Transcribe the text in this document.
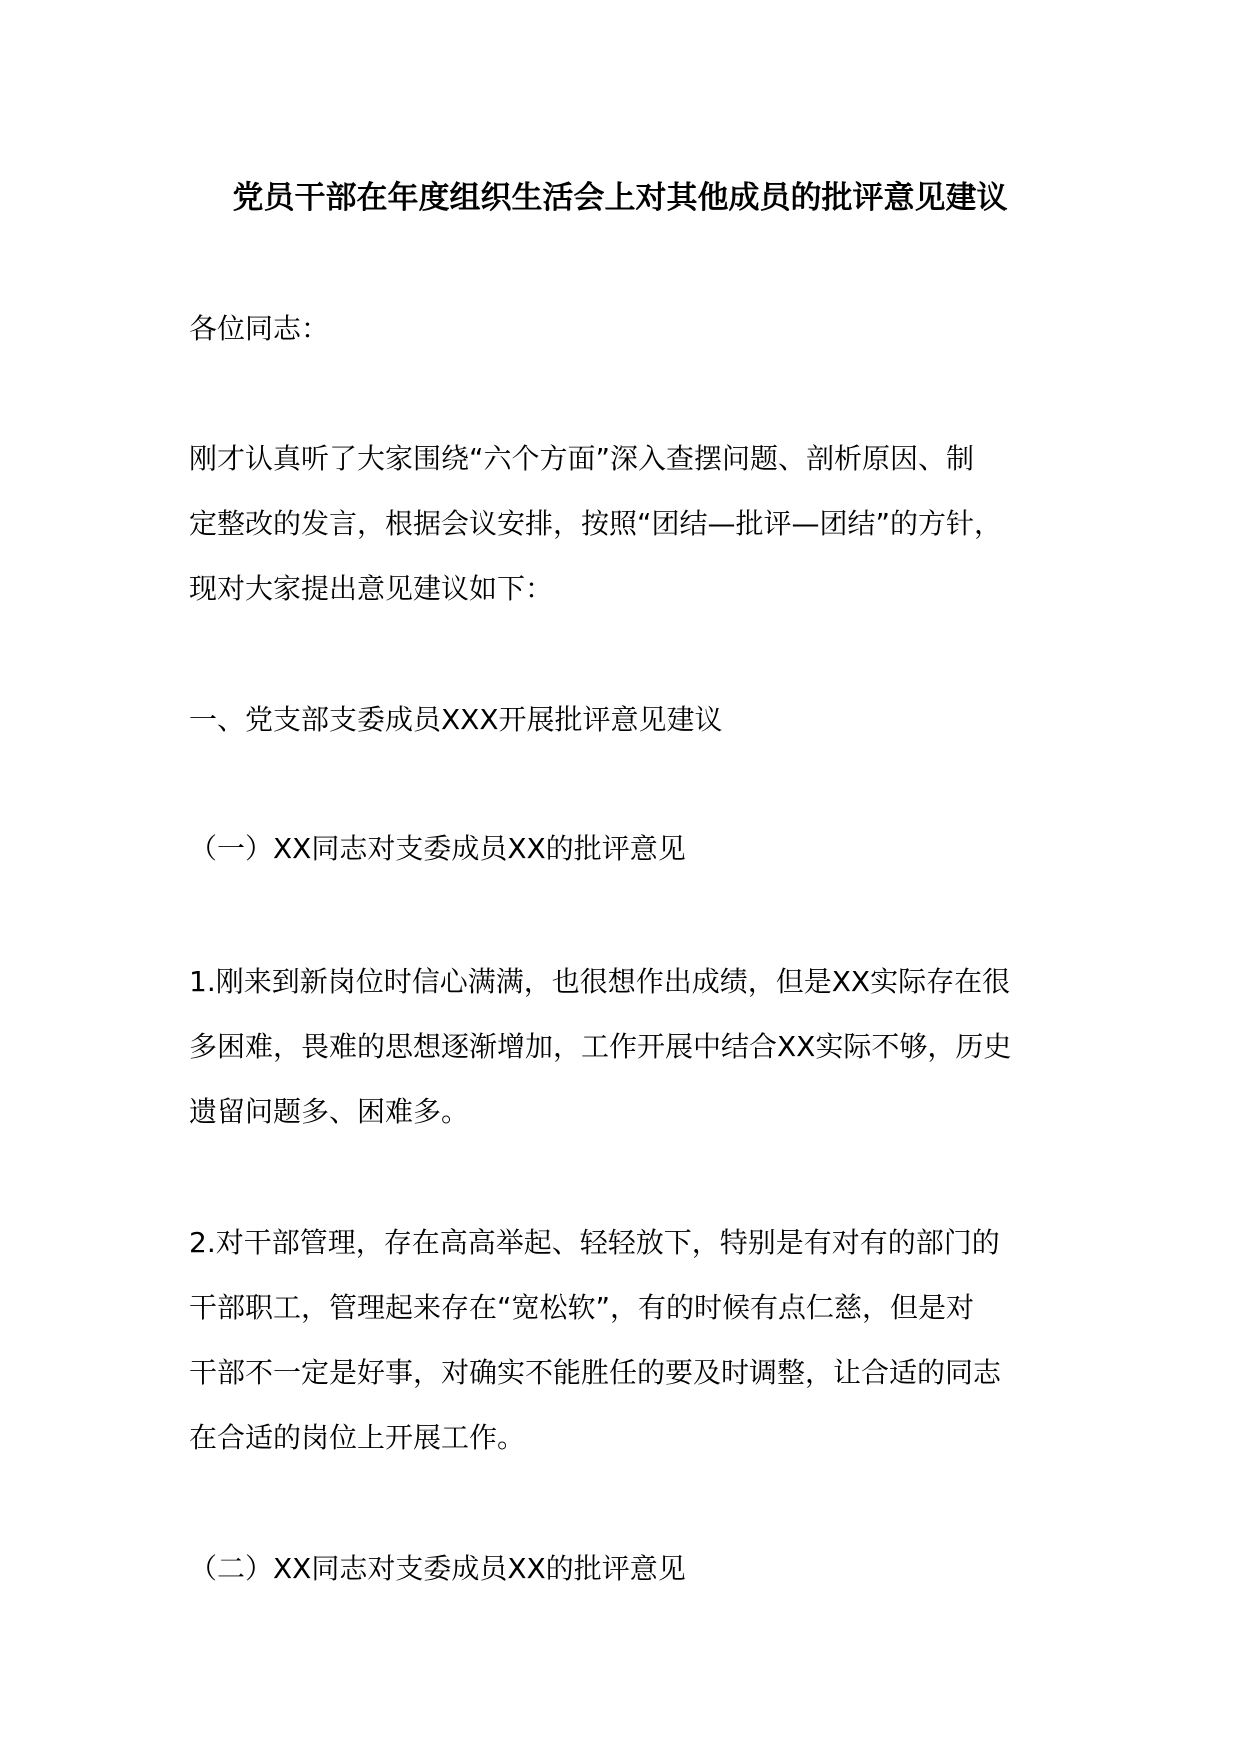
党员干部在年度组织生活会上对其他成员的批评意见建议
各位同志：
刚才认真听了大家围绕“六个方面”深入查摆问题、剖析原因、制
定整改的发言，根据会议安排，按照“团结—批评—团结”的方针，
现对大家提出意见建议如下：
一、党支部支委成员XXX开展批评意见建议
（一）XX同志对支委成员XX的批评意见
1.刚来到新岗位时信心满满，也很想作出成绩，但是XX实际存在很
多困难，畏难的思想逐渐增加，工作开展中结合XX实际不够，历史
遗留问题多、困难多。
2.对干部管理，存在高高举起、轻轻放下，特别是有对有的部门的
干部职工，管理起来存在“宽松软”，有的时候有点仁慈，但是对
干部不一定是好事，对确实不能胜任的要及时调整，让合适的同志
在合适的岗位上开展工作。
（二）XX同志对支委成员XX的批评意见
